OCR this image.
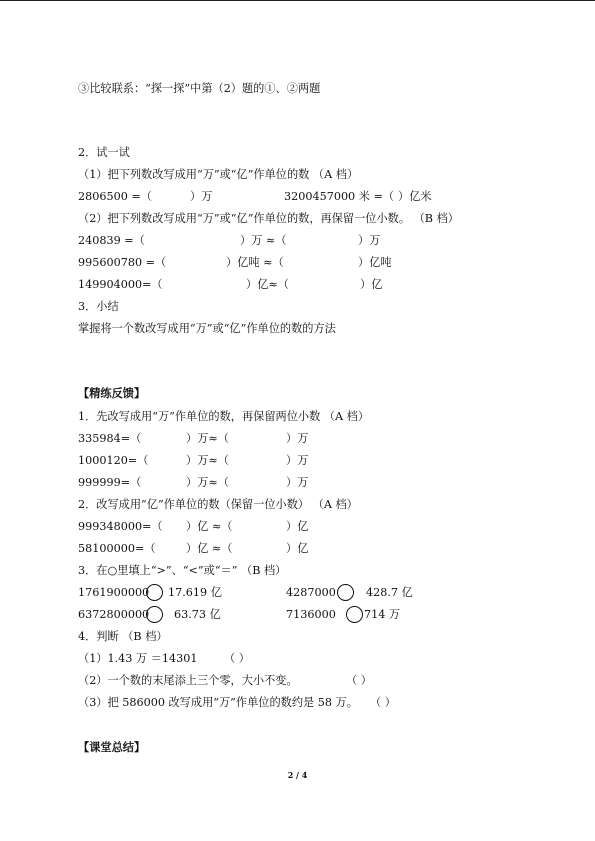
③比较联系：“探一探”中第（2）题的①、②两题
2．试一试
（1）把下列数改写成用“万”或“亿”作单位的数 （A 档）
2806500 =（	）万	3200457000 米 =（ ）亿米
（2）把下列数改写成用“万”或“亿”作单位的数，再保留一位小数。 （B 档）
240839 =（	）万 ≈（	）万
995600780 =（	）亿吨 ≈（	）亿吨
149904000=（	）亿≈（	）亿
3．小结
掌握将一个数改写成用“万”或“亿”作单位的数的方法
【精练反馈】
1．先改写成用“万”作单位的数，再保留两位小数 （A 档）
335984=（	）万≈（	）万
1000120=（	）万≈（	）万
999999=（	）万≈（	）万
2．改写成用“亿”作单位的数（保留一位小数） （A 档）
999348000=（ ）亿 ≈（	）亿
58100000=（	）亿 ≈（	）亿
3．在○里填上“>”、“<”或“＝” （B 档）
1761900000 17.619 亿	4287000	428.7 亿
6372800000 63.73 亿	7136000	714 万
4．判断 （B 档）
（1）1.43 万 ＝14301 （ ）
（2）一个数的末尾添上三个零，大小不变。	（ ）
（3）把 586000 改写成用“万”作单位的数约是 58 万。 （ ）
【课堂总结】
2 / 4
